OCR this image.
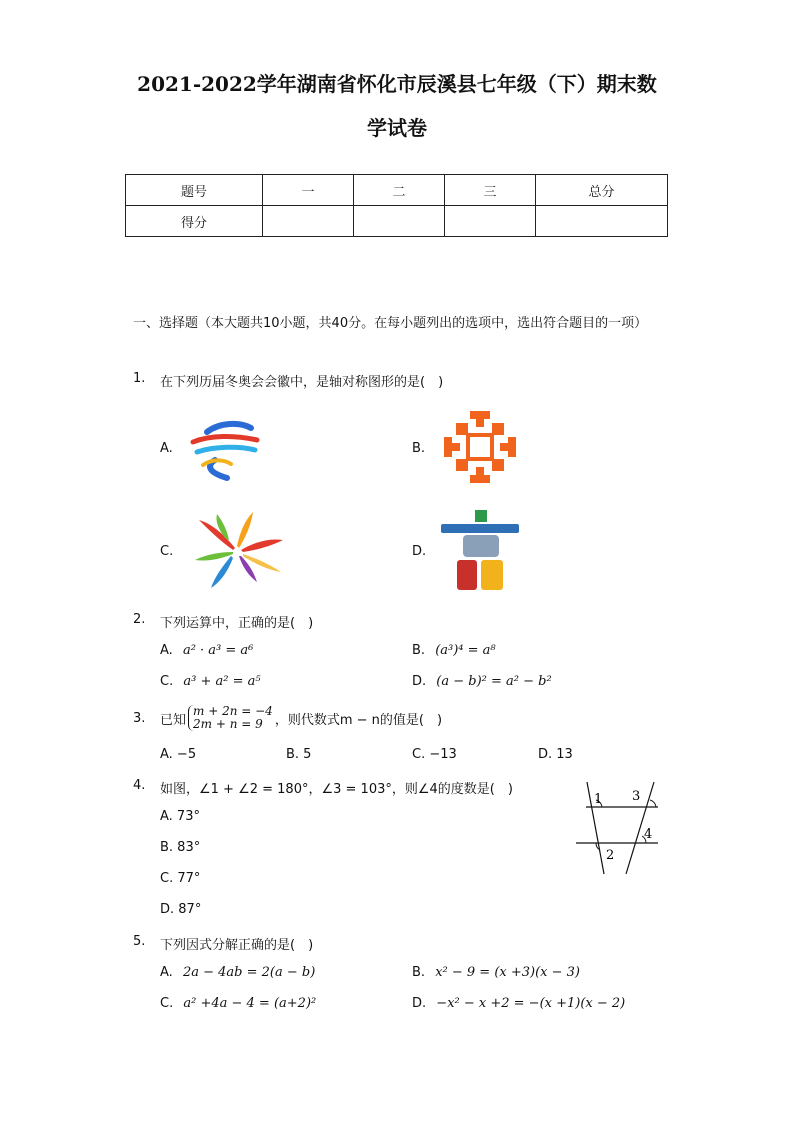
2021-2022学年湖南省怀化市辰溪县七年级（下）期末数
学试卷
题号	一	二	三	总分
得分				
一、选择题（本大题共10小题，共40分。在每小题列出的选项中，选出符合题目的一项）
1. 在下列历届冬奥会会徽中，是轴对称图形的是(　)
A.	B.
C.	D.
2. 下列运算中，正确的是(　)
A. a² · a³ = a⁶	B. (a³)⁴ = a⁸
C. a³ + a² = a⁵	D. (a − b)² = a² − b²
3. 已知
m + 2n = −4
2m + n = 9 ，则代数式m − n的值是(　)
A. −5	B. 5	C. −13	D. 13
4. 如图，∠1 + ∠2 = 180°，∠3 = 103°，则∠4的度数是(　)
A. 73°
B. 83°
C. 77°
D. 87°
1
2
3
4
5. 下列因式分解正确的是(　)
A. 2a − 4ab = 2(a − b)	B. x² − 9 = (x +3)(x − 3)
C. a² +4a − 4 = (a+2)²	D. −x² − x +2 = −(x +1)(x − 2)
